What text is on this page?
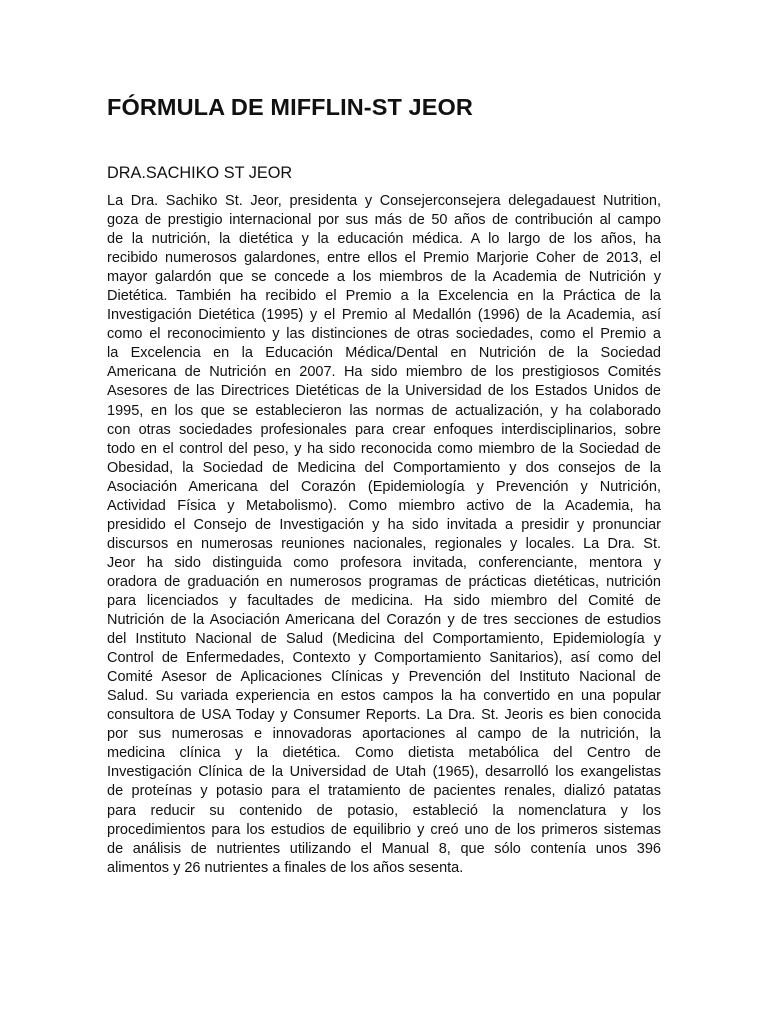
FÓRMULA DE MIFFLIN-ST JEOR
DRA.SACHIKO ST JEOR
La Dra. Sachiko St. Jeor, presidenta y Consejerconsejera delegadauest Nutrition,
goza de prestigio internacional por sus más de 50 años de contribución al campo
de la nutrición, la dietética y la educación médica. A lo largo de los años, ha
recibido numerosos galardones, entre ellos el Premio Marjorie Coher de 2013, el
mayor galardón que se concede a los miembros de la Academia de Nutrición y
Dietética. También ha recibido el Premio a la Excelencia en la Práctica de la
Investigación Dietética (1995) y el Premio al Medallón (1996) de la Academia, así
como el reconocimiento y las distinciones de otras sociedades, como el Premio a
la Excelencia en la Educación Médica/Dental en Nutrición de la Sociedad
Americana de Nutrición en 2007. Ha sido miembro de los prestigiosos Comités
Asesores de las Directrices Dietéticas de la Universidad de los Estados Unidos de
1995, en los que se establecieron las normas de actualización, y ha colaborado
con otras sociedades profesionales para crear enfoques interdisciplinarios, sobre
todo en el control del peso, y ha sido reconocida como miembro de la Sociedad de
Obesidad, la Sociedad de Medicina del Comportamiento y dos consejos de la
Asociación Americana del Corazón (Epidemiología y Prevención y Nutrición,
Actividad Física y Metabolismo). Como miembro activo de la Academia, ha
presidido el Consejo de Investigación y ha sido invitada a presidir y pronunciar
discursos en numerosas reuniones nacionales, regionales y locales. La Dra. St.
Jeor ha sido distinguida como profesora invitada, conferenciante, mentora y
oradora de graduación en numerosos programas de prácticas dietéticas, nutrición
para licenciados y facultades de medicina. Ha sido miembro del Comité de
Nutrición de la Asociación Americana del Corazón y de tres secciones de estudios
del Instituto Nacional de Salud (Medicina del Comportamiento, Epidemiología y
Control de Enfermedades, Contexto y Comportamiento Sanitarios), así como del
Comité Asesor de Aplicaciones Clínicas y Prevención del Instituto Nacional de
Salud. Su variada experiencia en estos campos la ha convertido en una popular
consultora de USA Today y Consumer Reports. La Dra. St. Jeoris es bien conocida
por sus numerosas e innovadoras aportaciones al campo de la nutrición, la
medicina clínica y la dietética. Como dietista metabólica del Centro de
Investigación Clínica de la Universidad de Utah (1965), desarrolló los exangelistas
de proteínas y potasio para el tratamiento de pacientes renales, dializó patatas
para reducir su contenido de potasio, estableció la nomenclatura y los
procedimientos para los estudios de equilibrio y creó uno de los primeros sistemas
de análisis de nutrientes utilizando el Manual 8, que sólo contenía unos 396
alimentos y 26 nutrientes a finales de los años sesenta.
